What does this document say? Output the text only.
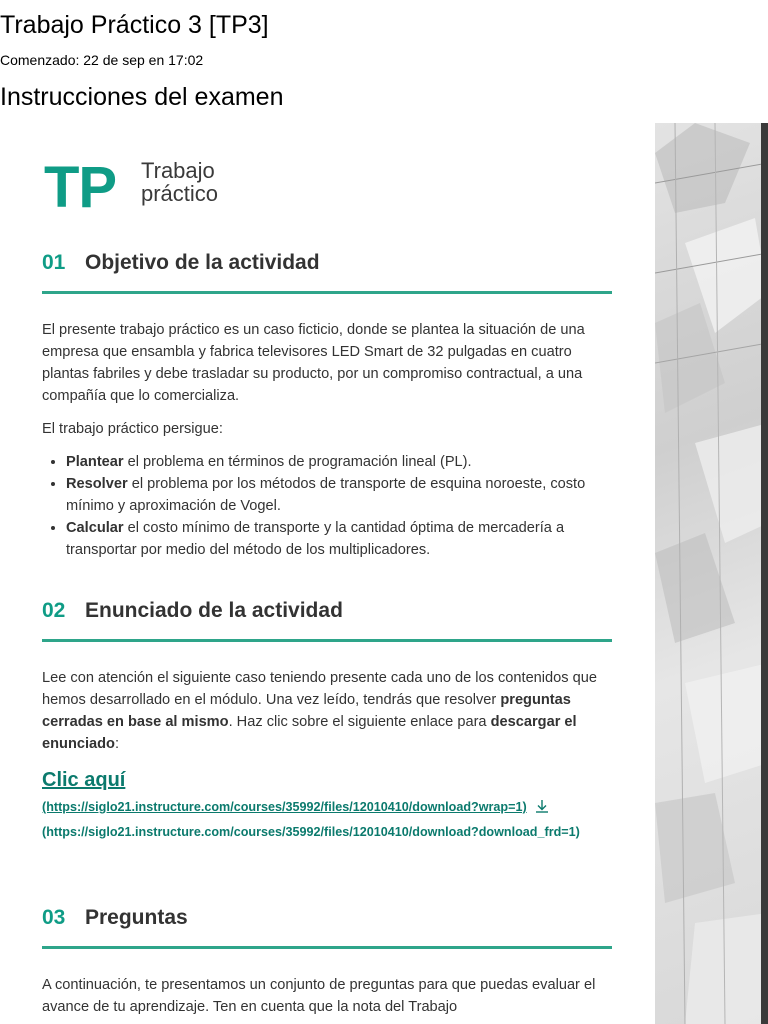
Trabajo Práctico 3 [TP3]
Comenzado: 22 de sep en 17:02
Instrucciones del examen
TP Trabajo
práctico
01 Objetivo de la actividad

El presente trabajo práctico es un caso ficticio, donde se plantea la situación de una empresa que ensambla y fabrica televisores LED Smart de 32 pulgadas en cuatro plantas fabriles y debe trasladar su producto, por un compromiso contractual, a una compañía que lo comercializa.

El trabajo práctico persigue:

• Plantear el problema en términos de programación lineal (PL).
• Resolver el problema por los métodos de transporte de esquina noroeste, costo mínimo y aproximación de Vogel.
• Calcular el costo mínimo de transporte y la cantidad óptima de mercadería a transportar por medio del método de los multiplicadores.
02 Enunciado de la actividad

Lee con atención el siguiente caso teniendo presente cada uno de los contenidos que hemos desarrollado en el módulo. Una vez leído, tendrás que resolver preguntas cerradas en base al mismo. Haz clic sobre el siguiente enlace para descargar el enunciado:

Clic aquí
(https://siglo21.instructure.com/courses/35992/files/12010410/download?wrap=1)
(https://siglo21.instructure.com/courses/35992/files/12010410/download?download_frd=1)
03 Preguntas

A continuación, te presentamos un conjunto de preguntas para que puedas evaluar el avance de tu aprendizaje. Ten en cuenta que la nota del Trabajo
